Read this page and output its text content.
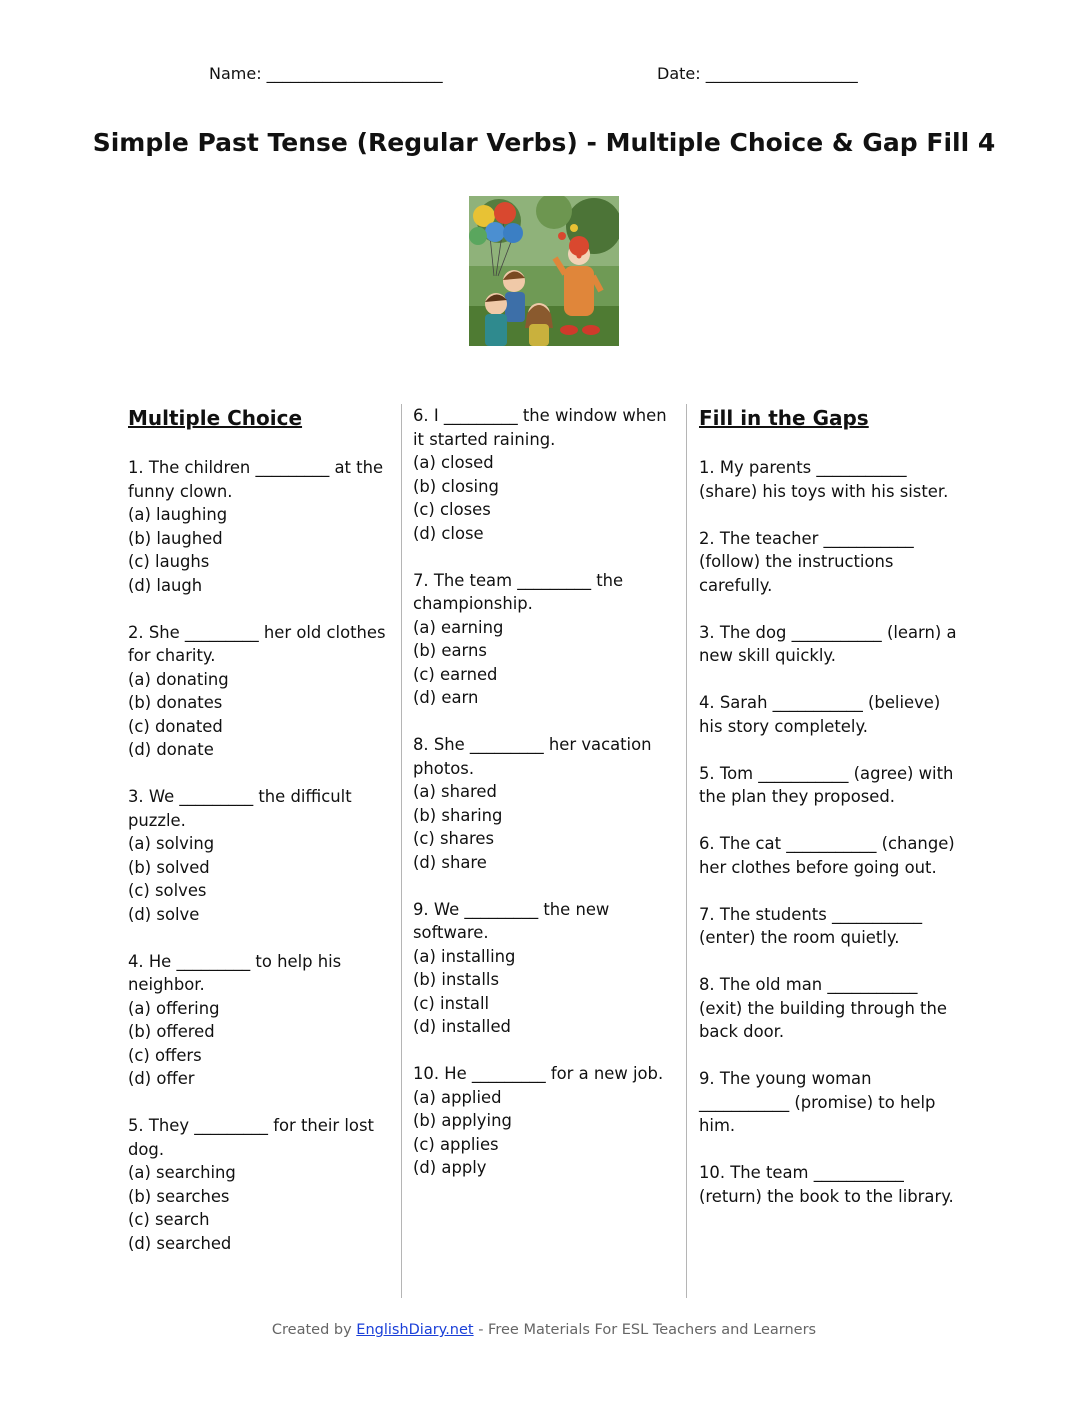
Name: ______________________	Date: ___________________
Simple Past Tense (Regular Verbs) - Multiple Choice & Gap Fill 4
Multiple Choice

1. The children _________ at the funny clown.

(a) laughing

(b) laughed

(c) laughs

(d) laugh

2. She _________ her old clothes for charity.

(a) donating

(b) donates

(c) donated

(d) donate

3. We _________ the difficult puzzle.

(a) solving

(b) solved

(c) solves

(d) solve

4. He _________ to help his neighbor.

(a) offering

(b) offered

(c) offers

(d) offer

5. They _________ for their lost dog.

(a) searching

(b) searches

(c) search

(d) searched

6. I _________ the window when it started raining.

(a) closed

(b) closing

(c) closes

(d) close

7. The team _________ the championship.

(a) earning

(b) earns

(c) earned

(d) earn

8. She _________ her vacation photos.

(a) shared

(b) sharing

(c) shares

(d) share

9. We _________ the new software.

(a) installing

(b) installs

(c) install

(d) installed

10. He _________ for a new job.

(a) applied

(b) applying

(c) applies

(d) apply

Fill in the Gaps

1. My parents ___________ (share) his toys with his sister.

2. The teacher ___________ (follow) the instructions carefully.

3. The dog ___________ (learn) a new skill quickly.

4. Sarah ___________ (believe) his story completely.

5. Tom ___________ (agree) with the plan they proposed.

6. The cat ___________ (change) her clothes before going out.

7. The students ___________ (enter) the room quietly.

8. The old man ___________ (exit) the building through the back door.

9. The young woman ___________ (promise) to help him.

10. The team ___________ (return) the book to the library.

Created by EnglishDiary.net - Free Materials For ESL Teachers and Learners
